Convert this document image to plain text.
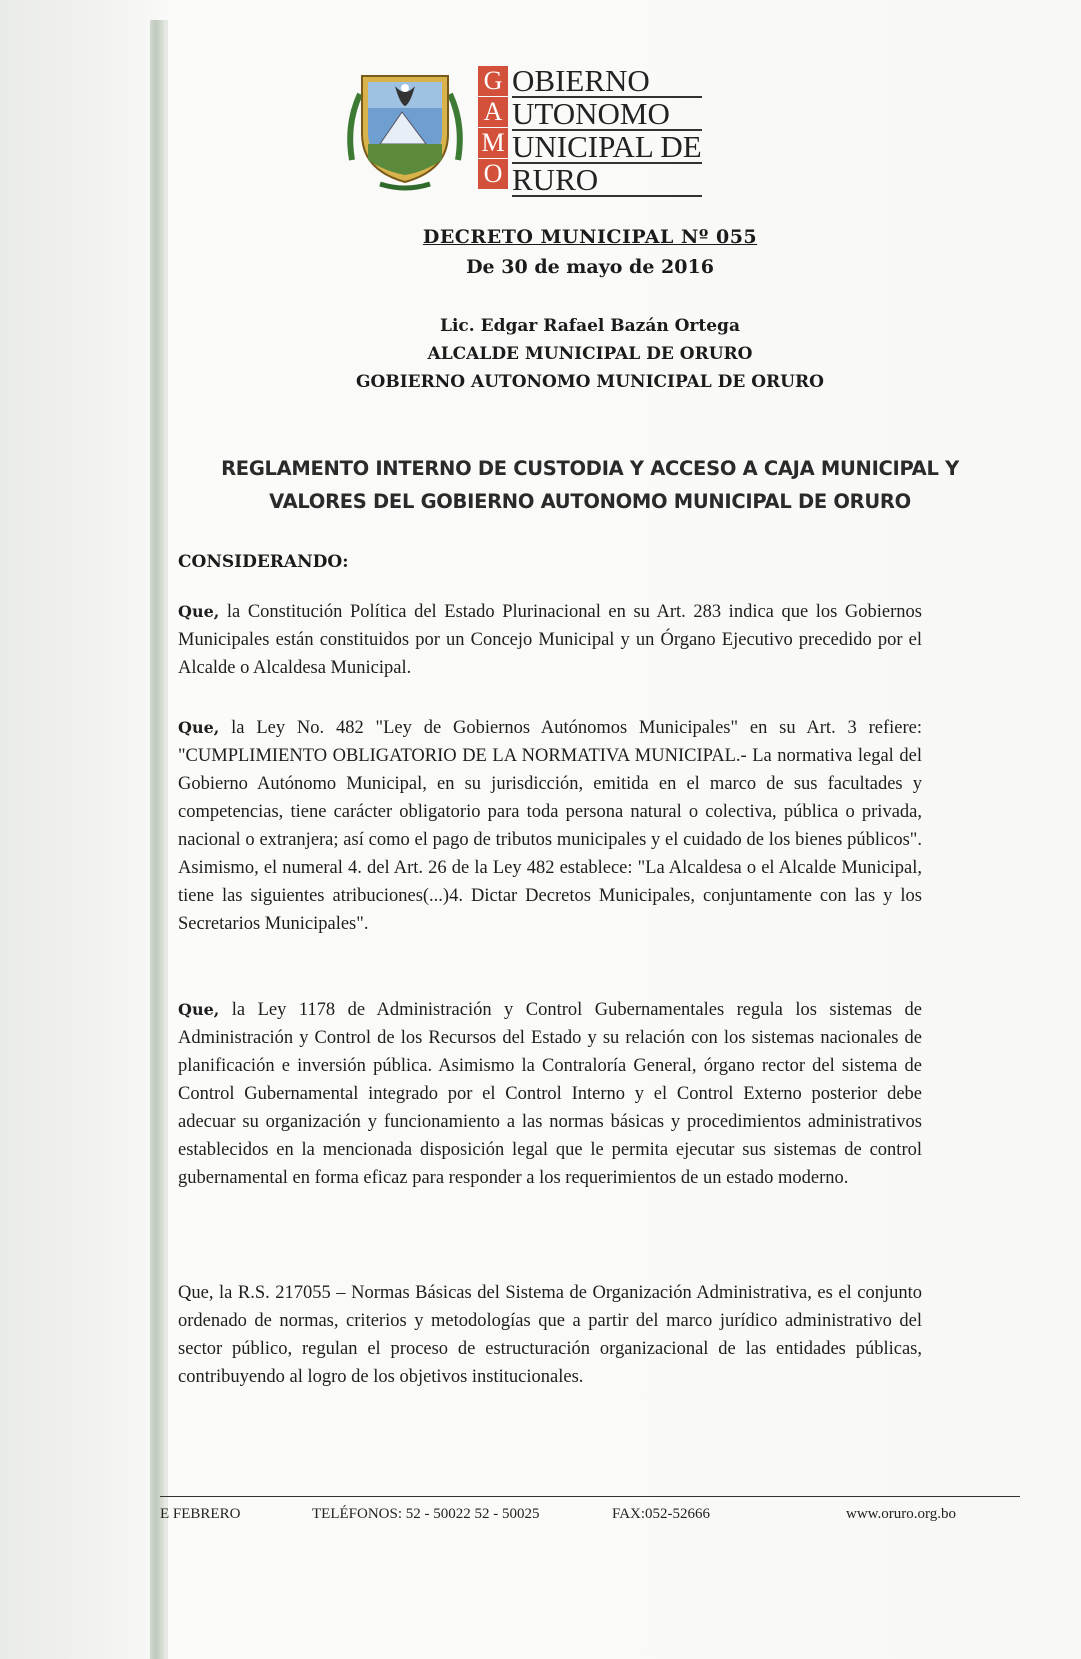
G
A
M
O
OBIERNO
UTONOMO
UNICIPAL DE
RURO
DECRETO MUNICIPAL Nº 055
De 30 de mayo de 2016
Lic. Edgar Rafael Bazán Ortega
ALCALDE MUNICIPAL DE ORURO
GOBIERNO AUTONOMO MUNICIPAL DE ORURO
REGLAMENTO INTERNO DE CUSTODIA Y ACCESO A CAJA MUNICIPAL Y
VALORES DEL GOBIERNO AUTONOMO MUNICIPAL DE ORURO
CONSIDERANDO:
Que, la Constitución Política del Estado Plurinacional en su Art. 283 indica que los Gobiernos Municipales están constituidos por un Concejo Municipal y un Órgano Ejecutivo precedido por el Alcalde o Alcaldesa Municipal.
Que, la Ley No. 482 "Ley de Gobiernos Autónomos Municipales" en su Art. 3 refiere: "CUMPLIMIENTO OBLIGATORIO DE LA NORMATIVA MUNICIPAL.- La normativa legal del Gobierno Autónomo Municipal, en su jurisdicción, emitida en el marco de sus facultades y competencias, tiene carácter obligatorio para toda persona natural o colectiva, pública o privada, nacional o extranjera; así como el pago de tributos municipales y el cuidado de los bienes públicos". Asimismo, el numeral 4. del Art. 26 de la Ley 482 establece: "La Alcaldesa o el Alcalde Municipal, tiene las siguientes atribuciones(...)4. Dictar Decretos Municipales, conjuntamente con las y los Secretarios Municipales".
Que, la Ley 1178 de Administración y Control Gubernamentales regula los sistemas de Administración y Control de los Recursos del Estado y su relación con los sistemas nacionales de planificación e inversión pública. Asimismo la Contraloría General, órgano rector del sistema de Control Gubernamental integrado por el Control Interno y el Control Externo posterior debe adecuar su organización y funcionamiento a las normas básicas y procedimientos administrativos establecidos en la mencionada disposición legal que le permita ejecutar sus sistemas de control gubernamental en forma eficaz para responder a los requerimientos de un estado moderno.
Que, la R.S. 217055 – Normas Básicas del Sistema de Organización Administrativa, es el conjunto ordenado de normas, criterios y metodologías que a partir del marco jurídico administrativo del sector público, regulan el proceso de estructuración organizacional de las entidades públicas, contribuyendo al logro de los objetivos institucionales.
E FEBRERO	TELÉFONOS: 52 - 50022 52 - 50025	FAX:052-52666	www.oruro.org.bo
